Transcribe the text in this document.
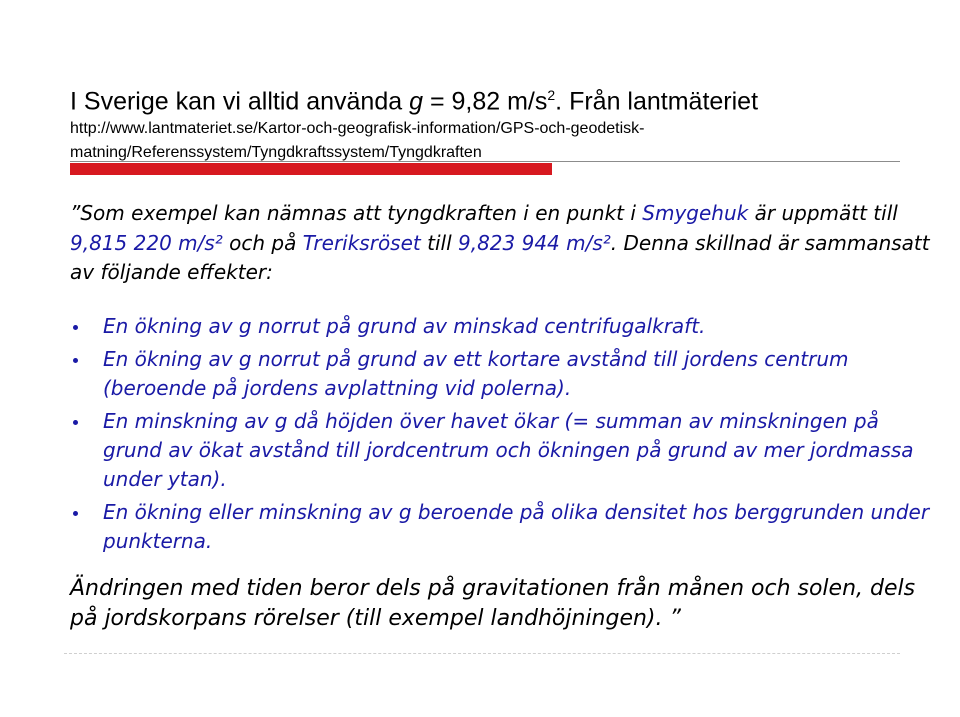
I Sverige kan vi alltid använda g = 9,82 $m/s^2$. Från lantmäteriet

http://www.lantmateriet.se/Kartor-och-geografisk-information/GPS-och-geodetisk-matning/Referenssystem/Tyngdkraftssystem/Tyngdkraften

”Som exempel kan nämnas att tyngdkraften i en punkt i Smygehuk är uppmätt till 9,815 220 m/s² och på Treriksröset till 9,823 944 m/s². Denna skillnad är sammansatt av följande effekter:

En ökning av g norrut på grund av minskad centrifugalkraft.
En ökning av g norrut på grund av ett kortare avstånd till jordens centrum (beroende på jordens avplattning vid polerna).
En minskning av g då höjden över havet ökar (= summan av minskningen på grund av ökat avstånd till jordcentrum och ökningen på grund av mer jordmassa under ytan).
En ökning eller minskning av g beroende på olika densitet hos berggrunden under punkterna.

Ändringen med tiden beror dels på gravitationen från månen och solen, dels på jordskorpans rörelser (till exempel landhöjningen). ”
